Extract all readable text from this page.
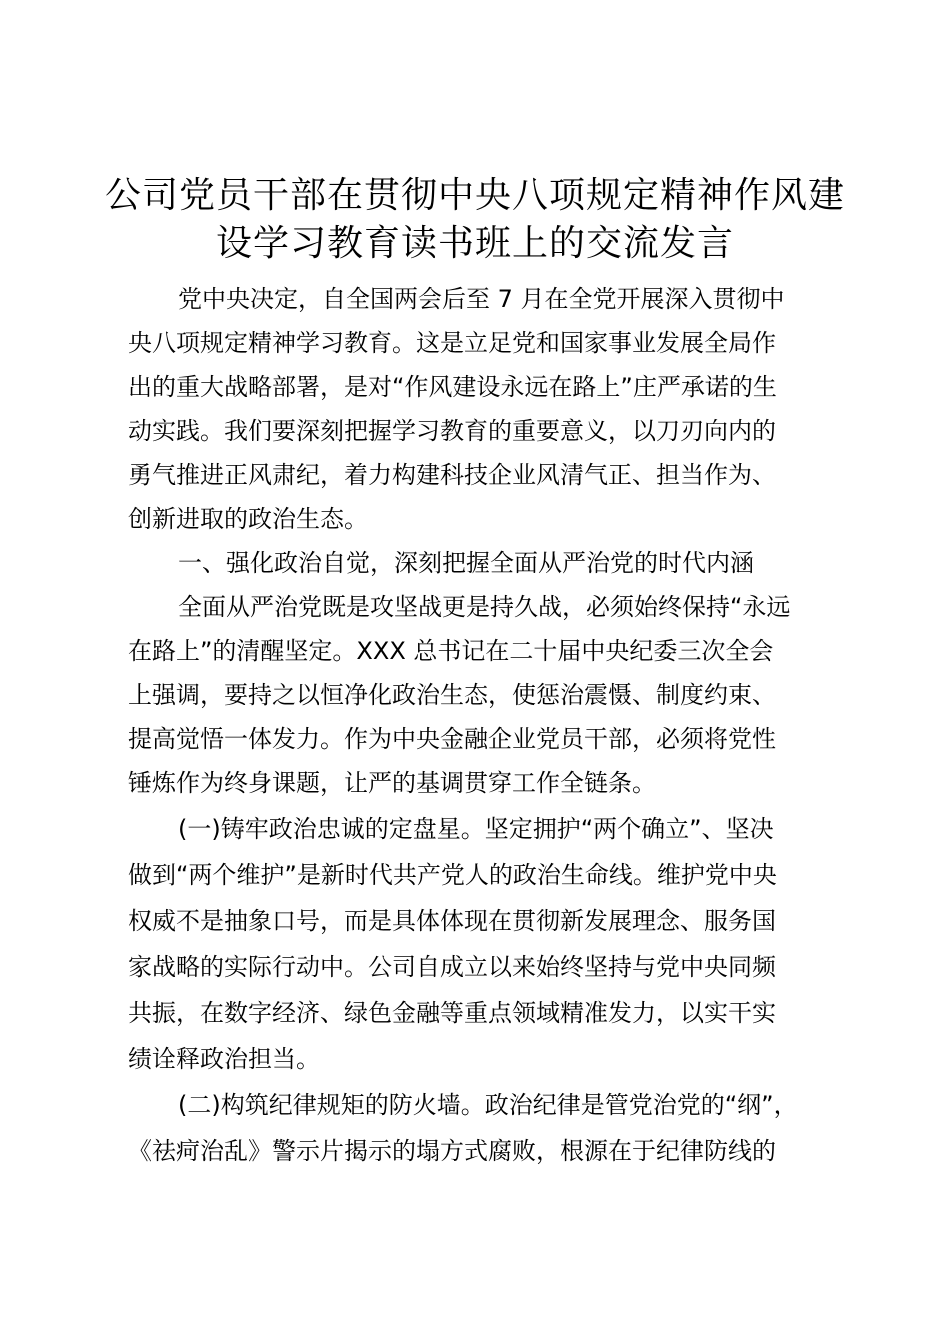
公司党员干部在贯彻中央八项规定精神作风建
设学习教育读书班上的交流发言
党中央决定，自全国两会后至 7 月在全党开展深入贯彻中
央八项规定精神学习教育。这是立足党和国家事业发展全局作
出的重大战略部署，是对“作风建设永远在路上”庄严承诺的生
动实践。我们要深刻把握学习教育的重要意义，以刀刃向内的
勇气推进正风肃纪，着力构建科技企业风清气正、担当作为、
创新进取的政治生态。
一、强化政治自觉，深刻把握全面从严治党的时代内涵
全面从严治党既是攻坚战更是持久战，必须始终保持“永远
在路上”的清醒坚定。XXX 总书记在二十届中央纪委三次全会
上强调，要持之以恒净化政治生态，使惩治震慑、制度约束、
提高觉悟一体发力。作为中央金融企业党员干部，必须将党性
锤炼作为终身课题，让严的基调贯穿工作全链条。
(一)铸牢政治忠诚的定盘星。坚定拥护“两个确立”、坚决
做到“两个维护”是新时代共产党人的政治生命线。维护党中央
权威不是抽象口号，而是具体体现在贯彻新发展理念、服务国
家战略的实际行动中。公司自成立以来始终坚持与党中央同频
共振，在数字经济、绿色金融等重点领域精准发力，以实干实
绩诠释政治担当。
(二)构筑纪律规矩的防火墙。政治纪律是管党治党的“纲”，
《祛疴治乱》警示片揭示的塌方式腐败，根源在于纪律防线的
